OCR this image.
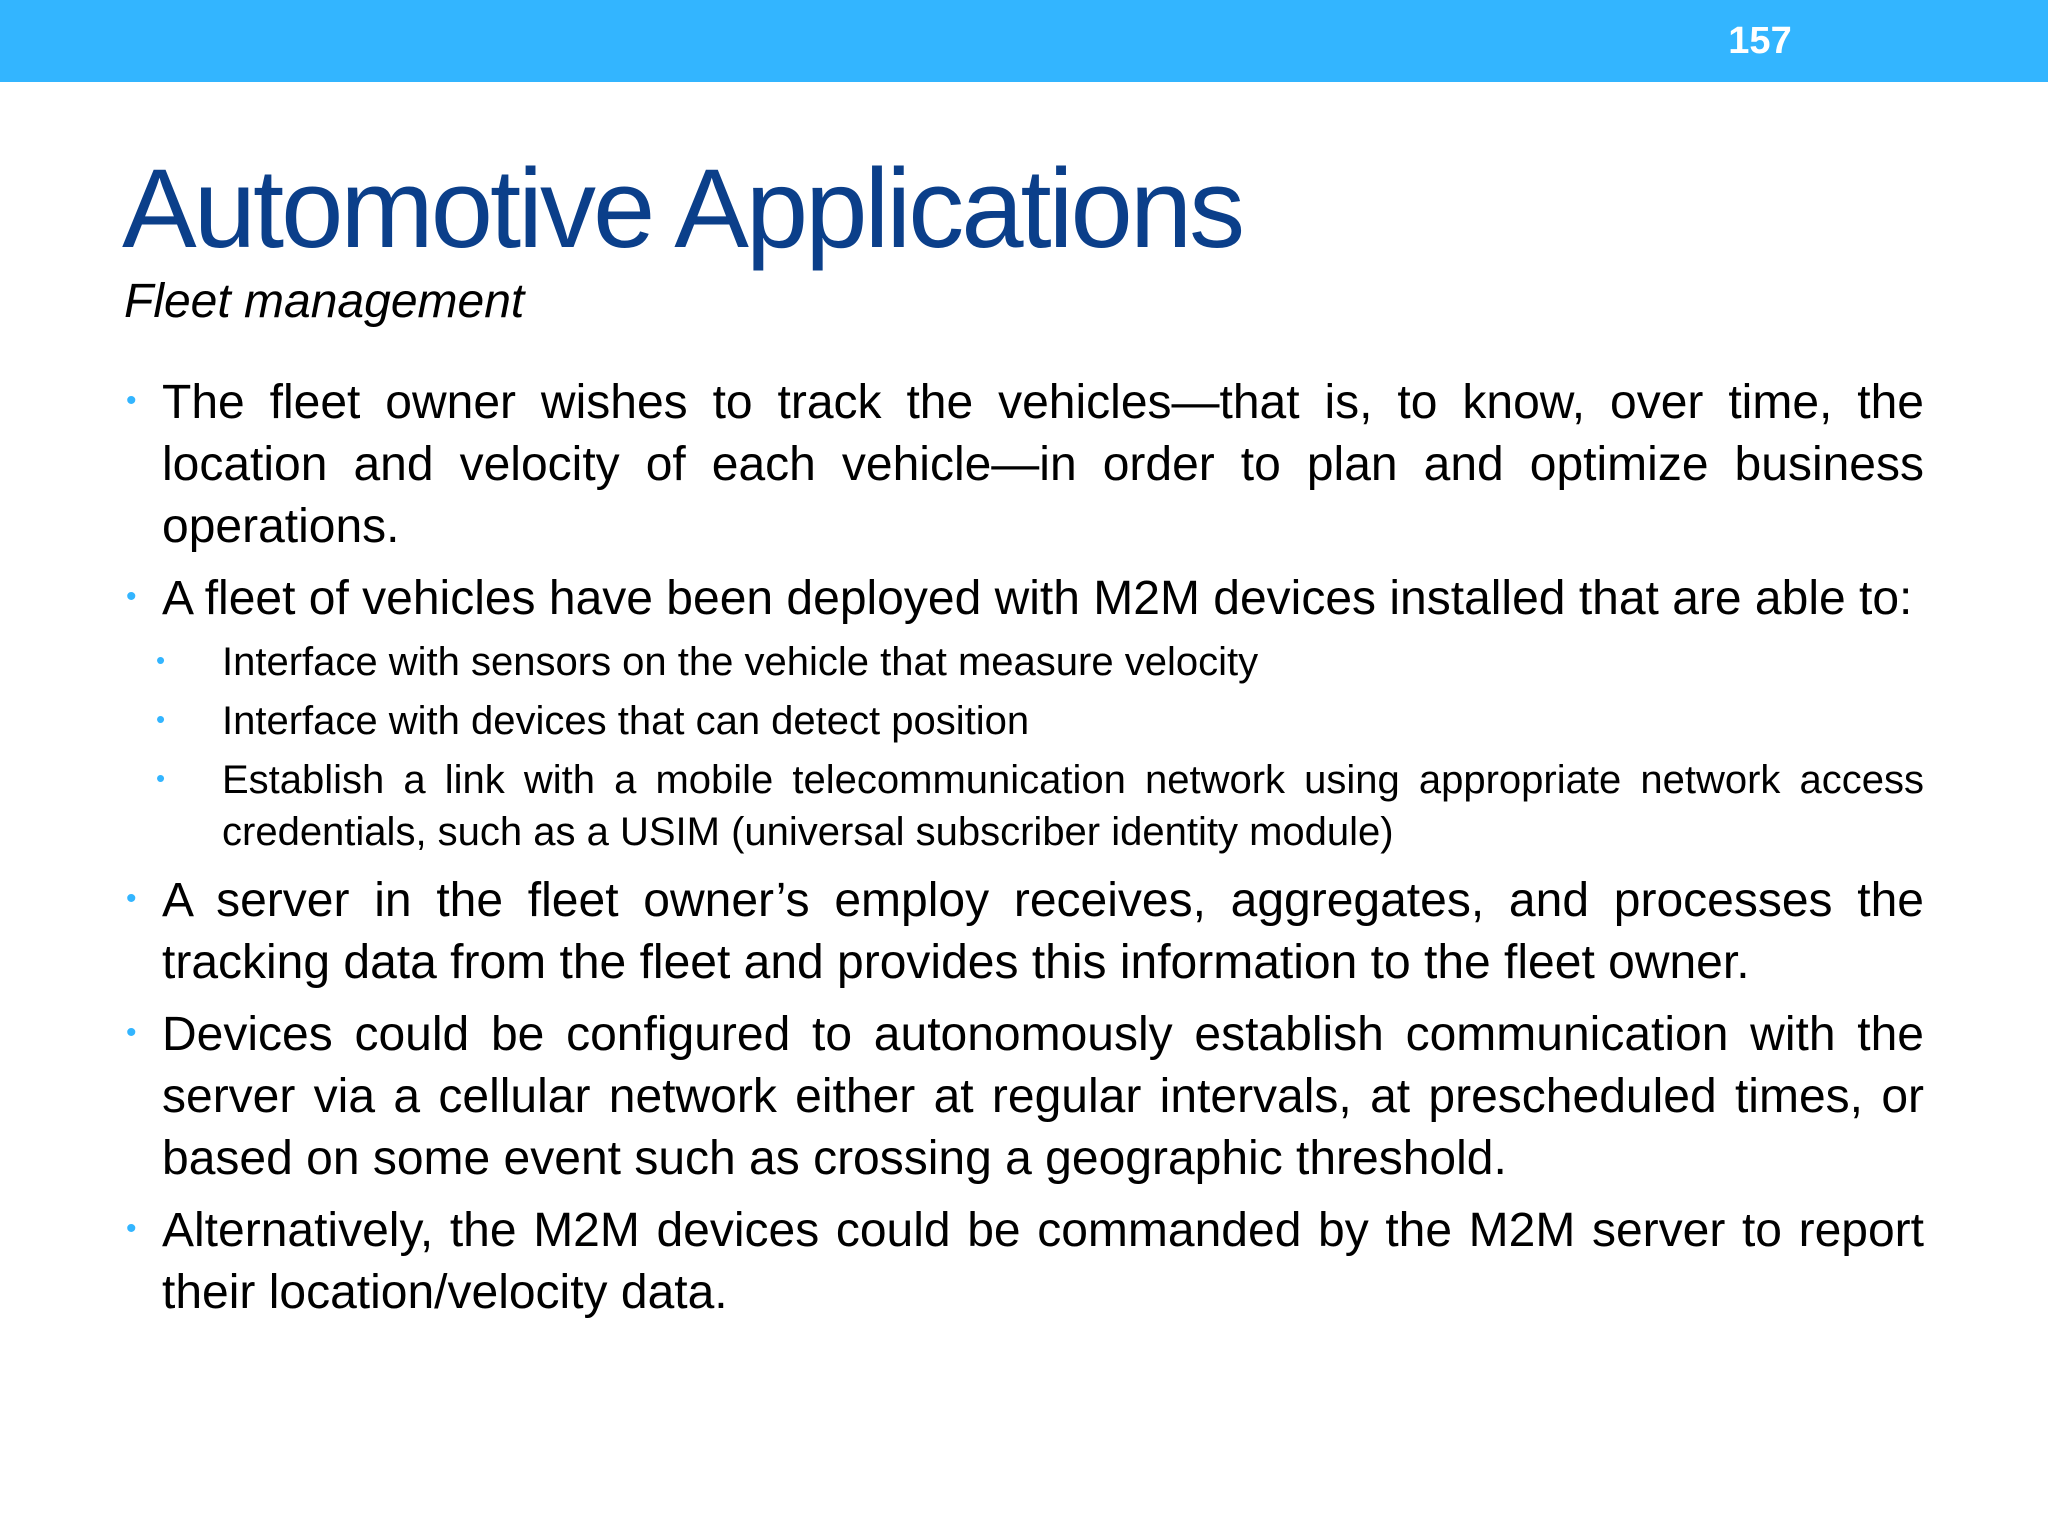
157
Automotive Applications
Fleet management
• The fleet owner wishes to track the vehicles—that is, to know, over time, the location and velocity of each vehicle—in order to plan and optimize business operations.
• A fleet of vehicles have been deployed with M2M devices installed that are able to:
• Interface with sensors on the vehicle that measure velocity
• Interface with devices that can detect position
• Establish a link with a mobile telecommunication network using appropriate network access credentials, such as a USIM (universal subscriber identity module)
• A server in the fleet owner’s employ receives, aggregates, and processes the tracking data from the fleet and provides this information to the fleet owner.
• Devices could be configured to autonomously establish communication with the server via a cellular network either at regular intervals, at prescheduled times, or based on some event such as crossing a geographic threshold.
• Alternatively, the M2M devices could be commanded by the M2M server to report their location/velocity data.
